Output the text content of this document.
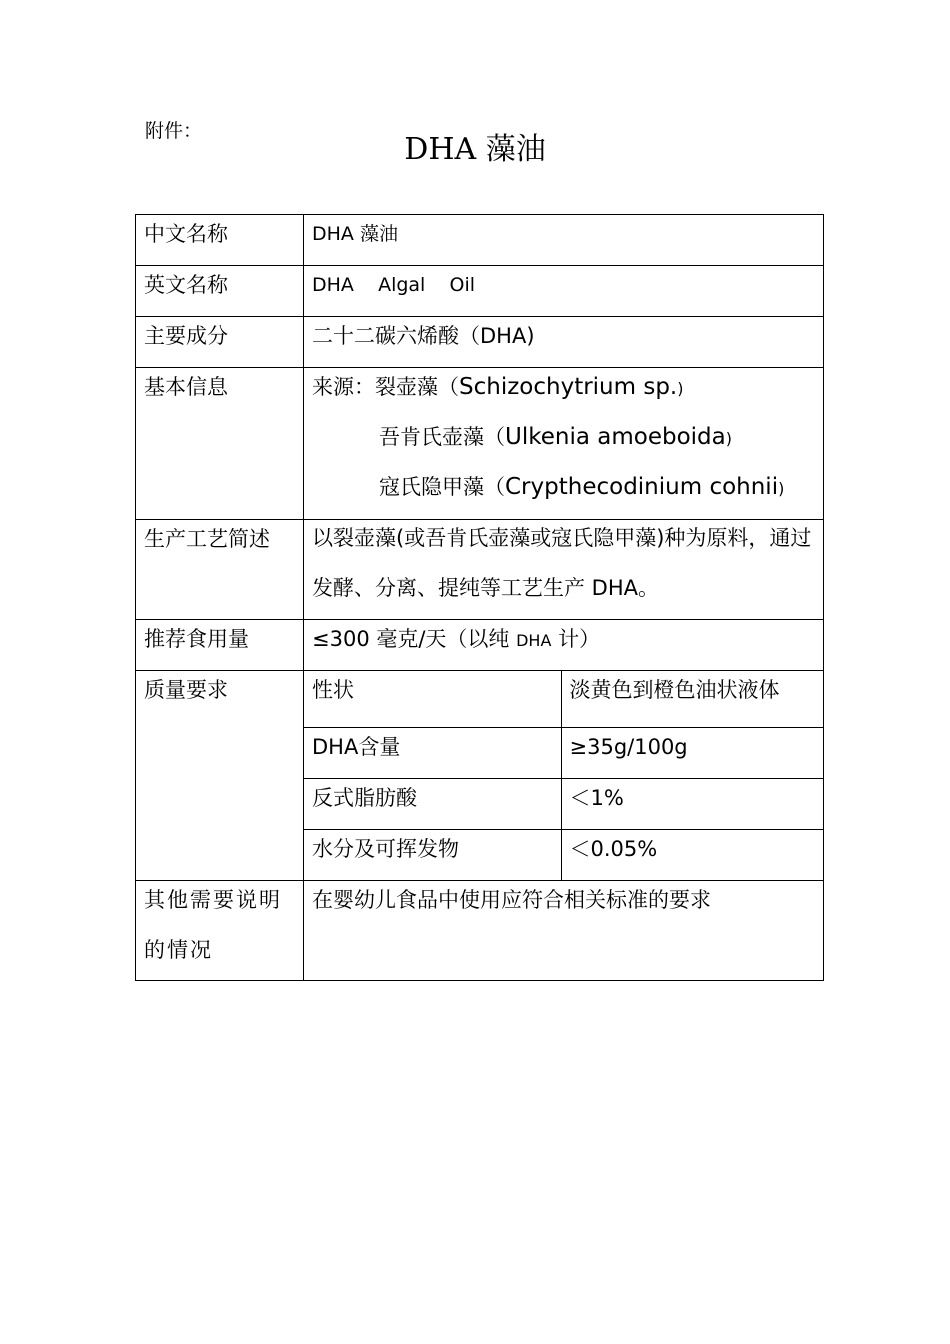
附件：
DHA 藻油
中文名称	DHA 藻油
英文名称	DHA    Algal    Oil
主要成分	二十二碳六烯酸（DHA)
基本信息	来源：裂壶藻（Schizochytrium sp.)
吾肯氏壶藻（Ulkenia amoeboida)
寇氏隐甲藻（Crypthecodinium cohnii)

生产工艺简述	以裂壶藻(或吾肯氏壶藻或寇氏隐甲藻)种为原料，通过发酵、分离、提纯等工艺生产 DHA。

推荐食用量	≤300 毫克/天（以纯 DHA 计）
质量要求		性状	淡黄色到橙色油状液体
DHA含量	≥35g/100g
反式脂肪酸	＜1%
水分及可挥发物	＜0.05%

其他需要说明的情况
	在婴幼儿食品中使用应符合相关标准的要求
